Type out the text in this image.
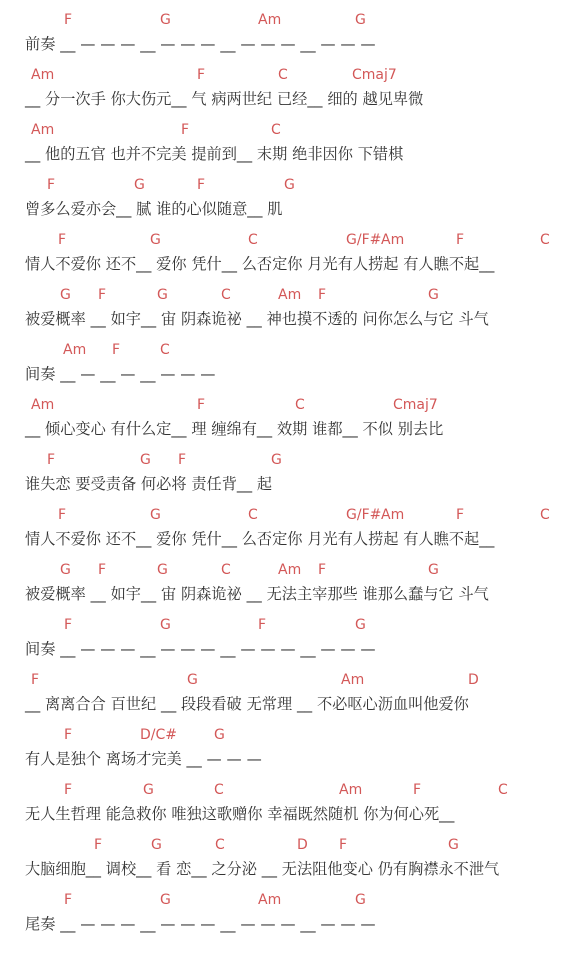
F	G	Am	G
前奏 __ — — — __ — — — __ — — — __ — — —
Am	F	C	Cmaj7
__ 分一次手 你大伤元__ 气 病两世纪 已经__ 细的 越见卑微
Am	F	C
__ 他的五官 也并不完美 提前到__ 末期 绝非因你 下错棋
F	G	F	G
曾多么爱亦会__ 腻 谁的心似随意__ 肌
F	G	C	G/F# Am	F	C
情人不爱你 还不__ 爱你 凭什__ 么否定你 月光有人捞起 有人瞧不起__
G F	G	C	Am F	G
被爱概率 __ 如宇__ 宙 阴森诡祕 __ 神也摸不透的 问你怎么与它 斗气
Am F	C
间奏 __ — __ — __ — — —
Am	F	C	Cmaj7
__ 倾心变心 有什么定__ 理 缠绵有__ 效期 谁都__ 不似 别去比
F	G F	G
谁失恋 要受责备 何必将 责任背__ 起
F	G	C	G/F# Am	F	C
情人不爱你 还不__ 爱你 凭什__ 么否定你 月光有人捞起 有人瞧不起__
G F	G	C	Am F	G
被爱概率 __ 如宇__ 宙 阴森诡祕 __ 无法主宰那些 谁那么蠢与它 斗气
F	G	F	G
间奏 __ — — — __ — — — __ — — — __ — — —
F	G	Am	D
__ 离离合合 百世纪 __ 段段看破 无常理 __ 不必呕心沥血叫他爱你
F	D/C#	G
有人是独个 离场才完美 __ — — —
F	G	C	Am	F	C
无人生哲理 能急救你 唯独这歌赠你 幸福既然随机 你为何心死__
F	G	C	D F	G
大脑细胞__ 调校__ 看 恋__ 之分泌 __ 无法阻他变心 仍有胸襟永不泄气
F	G	Am	G
尾奏 __ — — — __ — — — __ — — — __ — — —
